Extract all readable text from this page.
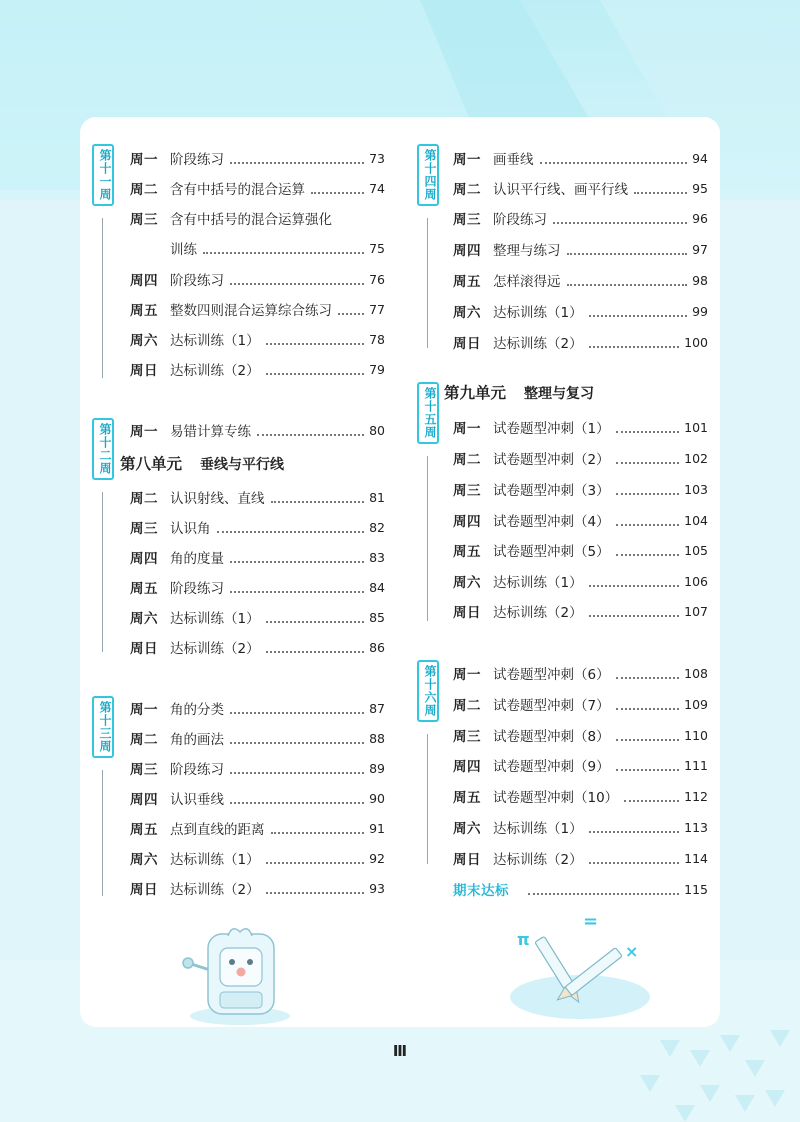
第十一周
第十二周
第十三周
第十四周
第十五周
第十六周
第八单元 垂线与平行线
第九单元 整理与复习
周一 阶段练习	73
周二 含有中括号的混合运算	74
周三 含有中括号的混合运算强化
训练	75
周四 阶段练习	76
周五 整数四则混合运算综合练习	77
周六 达标训练（1）	78
周日 达标训练（2）	79
周一 易错计算专练	80
周二 认识射线、直线	81
周三 认识角	82
周四 角的度量	83
周五 阶段练习	84
周六 达标训练（1）	85
周日 达标训练（2）	86
周一 角的分类	87
周二 角的画法	88
周三 阶段练习	89
周四 认识垂线	90
周五 点到直线的距离	91
周六 达标训练（1）	92
周日 达标训练（2）	93
周一 画垂线	94
周二 认识平行线、画平行线	95
周三 阶段练习	96
周四 整理与练习	97
周五 怎样滚得远	98
周六 达标训练（1）	99
周日 达标训练（2）	100
周一 试卷题型冲刺（1）	101
周二 试卷题型冲刺（2）	102
周三 试卷题型冲刺（3）	103
周四 试卷题型冲刺（4）	104
周五 试卷题型冲刺（5）	105
周六 达标训练（1）	106
周日 达标训练（2）	107
周一 试卷题型冲刺（6）	108
周二 试卷题型冲刺（7）	109
周三 试卷题型冲刺（8）	110
周四 试卷题型冲刺（9）	111
周五 试卷题型冲刺（10）	112
周六 达标训练（1）	113
周日 达标训练（2）	114
期末达标	115
π
=
×
Ⅲ
